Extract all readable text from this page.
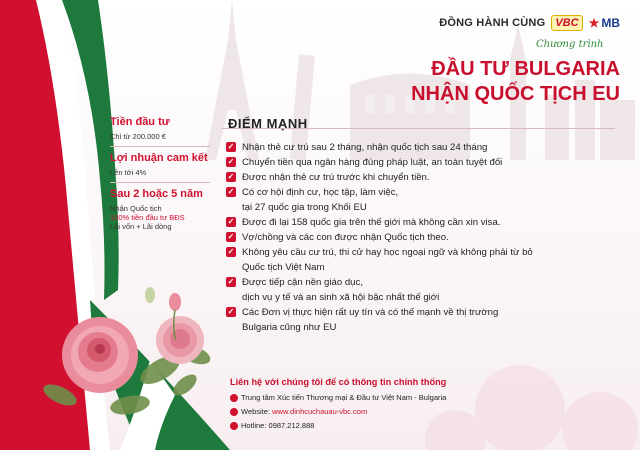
ĐỒNG HÀNH CÙNG VBC ★ MB
Chương trình
ĐẦU TƯ BULGARIA
NHẬN QUỐC TỊCH EU
Tiền đầu tư
Chỉ từ 200.000 €
Lợi nhuận cam kết
Lên tới 4%
Sau 2 hoặc 5 năm
Nhận Quốc tịch
100% tiền đầu tư BĐS
Lãi vốn + Lãi dòng
ĐIỂM MẠNH
✓ Nhận thẻ cư trú sau 2 tháng, nhận quốc tịch sau 24 tháng
✓ Chuyển tiền qua ngân hàng đúng pháp luật, an toàn tuyệt đối
✓ Được nhận thẻ cư trú trước khi chuyển tiền.
✓ Có cơ hội định cư, học tập, làm việc,
tại 27 quốc gia trong Khối EU
✓ Được đi lại 158 quốc gia trên thế giới mà không cần xin visa.
✓ Vợ/chồng và các con được nhận Quốc tịch theo.
✓ Không yêu cầu cư trú, thi cử hay học ngoại ngữ và không phải từ bỏ
Quốc tịch Việt Nam
✓ Được tiếp cận nền giáo dục,
dịch vụ y tế và an sinh xã hội bậc nhất thế giới
✓ Các Đơn vị thực hiện rất uy tín và có thế mạnh về thị trường
Bulgaria cũng như EU
Liên hệ với chúng tôi để có thông tin chính thống
Trung tâm Xúc tiến Thương mại & Đầu tư Việt Nam - Bulgaria
Website: www.dinhcuchauau-vbc.com
Hotline: 0987.212.888
